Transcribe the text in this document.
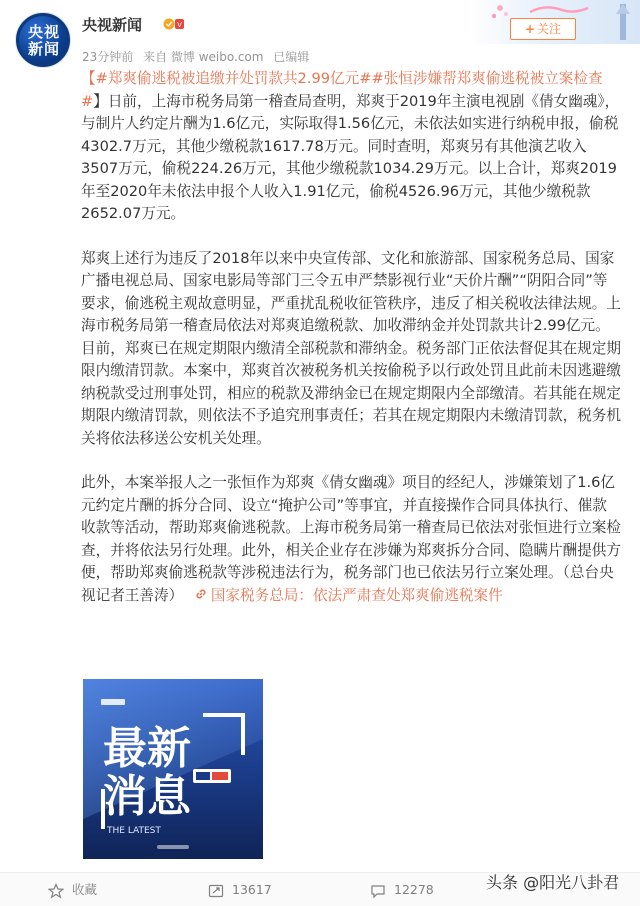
央视
新闻
央视新闻	V
23分钟前 来自 微博 weibo.com 已编辑
+ 关注

【#郑爽偷逃税被追缴并处罚款共2.99亿元##张恒涉嫌帮郑爽偷逃税被立案检查#】日前，上海市税务局第一稽查局查明，郑爽于2019年主演电视剧《倩女幽魂》，与制片人约定片酬为1.6亿元，实际取得1.56亿元，未依法如实进行纳税申报，偷税4302.7万元，其他少缴税款1617.78万元。同时查明，郑爽另有其他演艺收入3507万元，偷税224.26万元，其他少缴税款1034.29万元。以上合计，郑爽2019年至2020年未依法申报个人收入1.91亿元，偷税4526.96万元，其他少缴税款2652.07万元。

郑爽上述行为违反了2018年以来中央宣传部、文化和旅游部、国家税务总局、国家广播电视总局、国家电影局等部门三令五申严禁影视行业“天价片酬”“阴阳合同”等要求，偷逃税主观故意明显，严重扰乱税收征管秩序，违反了相关税收法律法规。上海市税务局第一稽查局依法对郑爽追缴税款、加收滞纳金并处罚款共计2.99亿元。目前，郑爽已在规定期限内缴清全部税款和滞纳金。税务部门正依法督促其在规定期限内缴清罚款。本案中，郑爽首次被税务机关按偷税予以行政处罚且此前未因逃避缴纳税款受过刑事处罚，相应的税款及滞纳金已在规定期限内全部缴清。若其能在规定期限内缴清罚款，则依法不予追究刑事责任；若其在规定期限内未缴清罚款，税务机关将依法移送公安机关处理。

此外，本案举报人之一张恒作为郑爽《倩女幽魂》项目的经纪人，涉嫌策划了1.6亿元约定片酬的拆分合同、设立“掩护公司”等事宜，并直接操作合同具体执行、催款收款等活动，帮助郑爽偷逃税款。上海市税务局第一稽查局已依法对张恒进行立案检查，并将依法另行处理。此外，相关企业存在涉嫌为郑爽拆分合同、隐瞒片酬提供方便，帮助郑爽偷逃税款等涉税违法行为，税务部门也已依法另行立案处理。（总台央视记者王善涛） 国家税务总局：依法严肃查处郑爽偷逃税案件

最新
消息
THE LATEST
收藏	13617	12278	头条 @阳光八卦君
